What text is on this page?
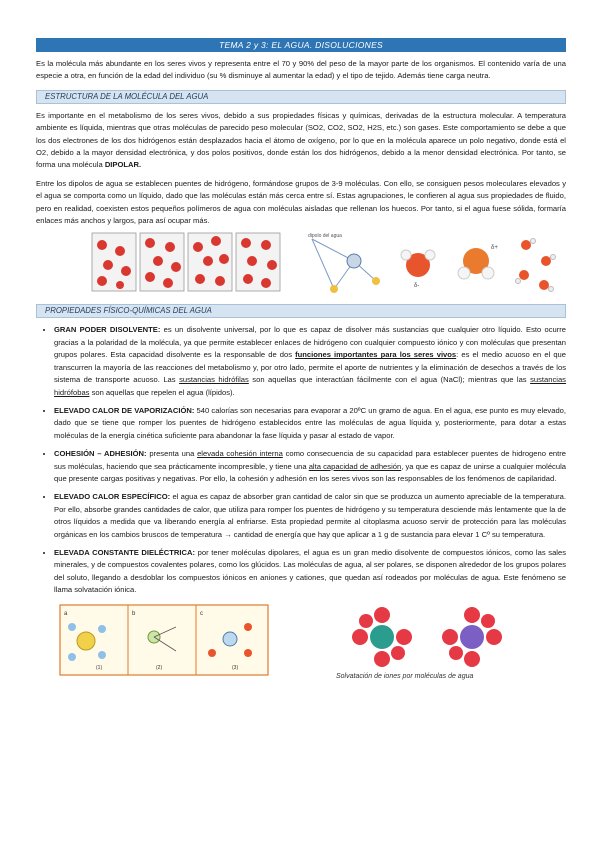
TEMA 2 y 3: EL AGUA. DISOLUCIONES

Es la molécula más abundante en los seres vivos y representa entre el 70 y 90% del peso de la mayor parte de los organismos. El contenido varía de una especie a otra, en función de la edad del individuo (su % disminuye al aumentar la edad) y el tipo de tejido. Además tiene carga neutra.

ESTRUCTURA DE LA MOLÉCULA DEL AGUA

Es importante en el metabolismo de los seres vivos, debido a sus propiedades físicas y químicas, derivadas de la estructura molecular. A temperatura ambiente es líquida, mientras que otras moléculas de parecido peso molecular (SO2, CO2, SO2, H2S, etc.) son gases. Este comportamiento se debe a que los dos electrones de los dos hidrógenos están desplazados hacia el átomo de oxígeno, por lo que en la molécula aparece un polo negativo, donde está el O2, debido a la mayor densidad electrónica, y dos polos positivos, donde están los dos hidrógenos, debido a la menor densidad electrónica. Por tanto, se forma una molécula DIPOLAR.

Entre los dipolos de agua se establecen puentes de hidrógeno, formándose grupos de 3-9 moléculas. Con ello, se consiguen pesos moleculares elevados y el agua se comporta como un líquido, dado que las moléculas están más cerca entre sí. Estas agrupaciones, le confieren al agua sus propiedades de fluido, pero en realidad, coexisten estos pequeños polímeros de agua con moléculas aisladas que rellenan los huecos. Por tanto, si el agua fuese sólida, formaría enlaces más anchos y largos, para así ocupar más.

dipolo del agua
δ-
δ+
PROPIEDADES FÍSICO-QUÍMICAS DEL AGUA
• GRAN PODER DISOLVENTE: es un disolvente universal, por lo que es capaz de disolver más sustancias que cualquier otro líquido. Esto ocurre gracias a la polaridad de la molécula, ya que permite establecer enlaces de hidrógeno con cualquier compuesto iónico y con moléculas que presentan grupos polares. Esta capacidad disolvente es la responsable de dos funciones importantes para los seres vivos: es el medio acuoso en el que transcurren la mayoría de las reacciones del metabolismo y, por otro lado, permite el aporte de nutrientes y la eliminación de desechos a través de los sistema de transporte acuoso. Las sustancias hidrófilas son aquellas que interactúan fácilmente con el agua (NaCl); mientras que las sustancias hidrófobas son aquellas que repelen el agua (lípidos).
• ELEVADO CALOR DE VAPORIZACIÓN: 540 calorías son necesarias para evaporar a 20ºC un gramo de agua. En el agua, ese punto es muy elevado, dado que se tiene que romper los puentes de hidrógeno establecidos entre las moléculas de agua líquida y, posteriormente, para dotar a estas moléculas de la energía cinética suficiente para abandonar la fase líquida y pasar al estado de vapor.
• COHESIÓN – ADHESIÓN: presenta una elevada cohesión interna como consecuencia de su capacidad para establecer puentes de hidrogeno entre sus moléculas, haciendo que sea prácticamente incompresible, y tiene una alta capacidad de adhesión, ya que es capaz de unirse a cualquier molécula que presente cargas positivas y negativas. Por ello, la cohesión y adhesión en los seres vivos son las responsables de los fenómenos de capilaridad.
• ELEVADO CALOR ESPECÍFICO: el agua es capaz de absorber gran cantidad de calor sin que se produzca un aumento apreciable de la temperatura. Por ello, absorbe grandes cantidades de calor, que utiliza para romper los puentes de hidrógeno y su temperatura desciende más lentamente que la de otros líquidos a medida que va liberando energía al enfriarse. Esta propiedad permite al citoplasma acuoso servir de protección para las moléculas orgánicas en los cambios bruscos de temperatura → cantidad de energía que hay que aplicar a 1 g de sustancia para elevar 1 Cº su temperatura.
• ELEVADA CONSTANTE DIELÉCTRICA: por tener moléculas dipolares, el agua es un gran medio disolvente de compuestos iónicos, como las sales minerales, y de compuestos covalentes polares, como los glúcidos. Las moléculas de agua, al ser polares, se disponen alrededor de los grupos polares del soluto, llegando a desdoblar los compuestos iónicos en aniones y cationes, que quedan así rodeados por moléculas de agua. Este fenómeno se llama solvatación iónica.
a	b	c
(2)	(3)
(1)
Solvatación de iones por moléculas de agua
